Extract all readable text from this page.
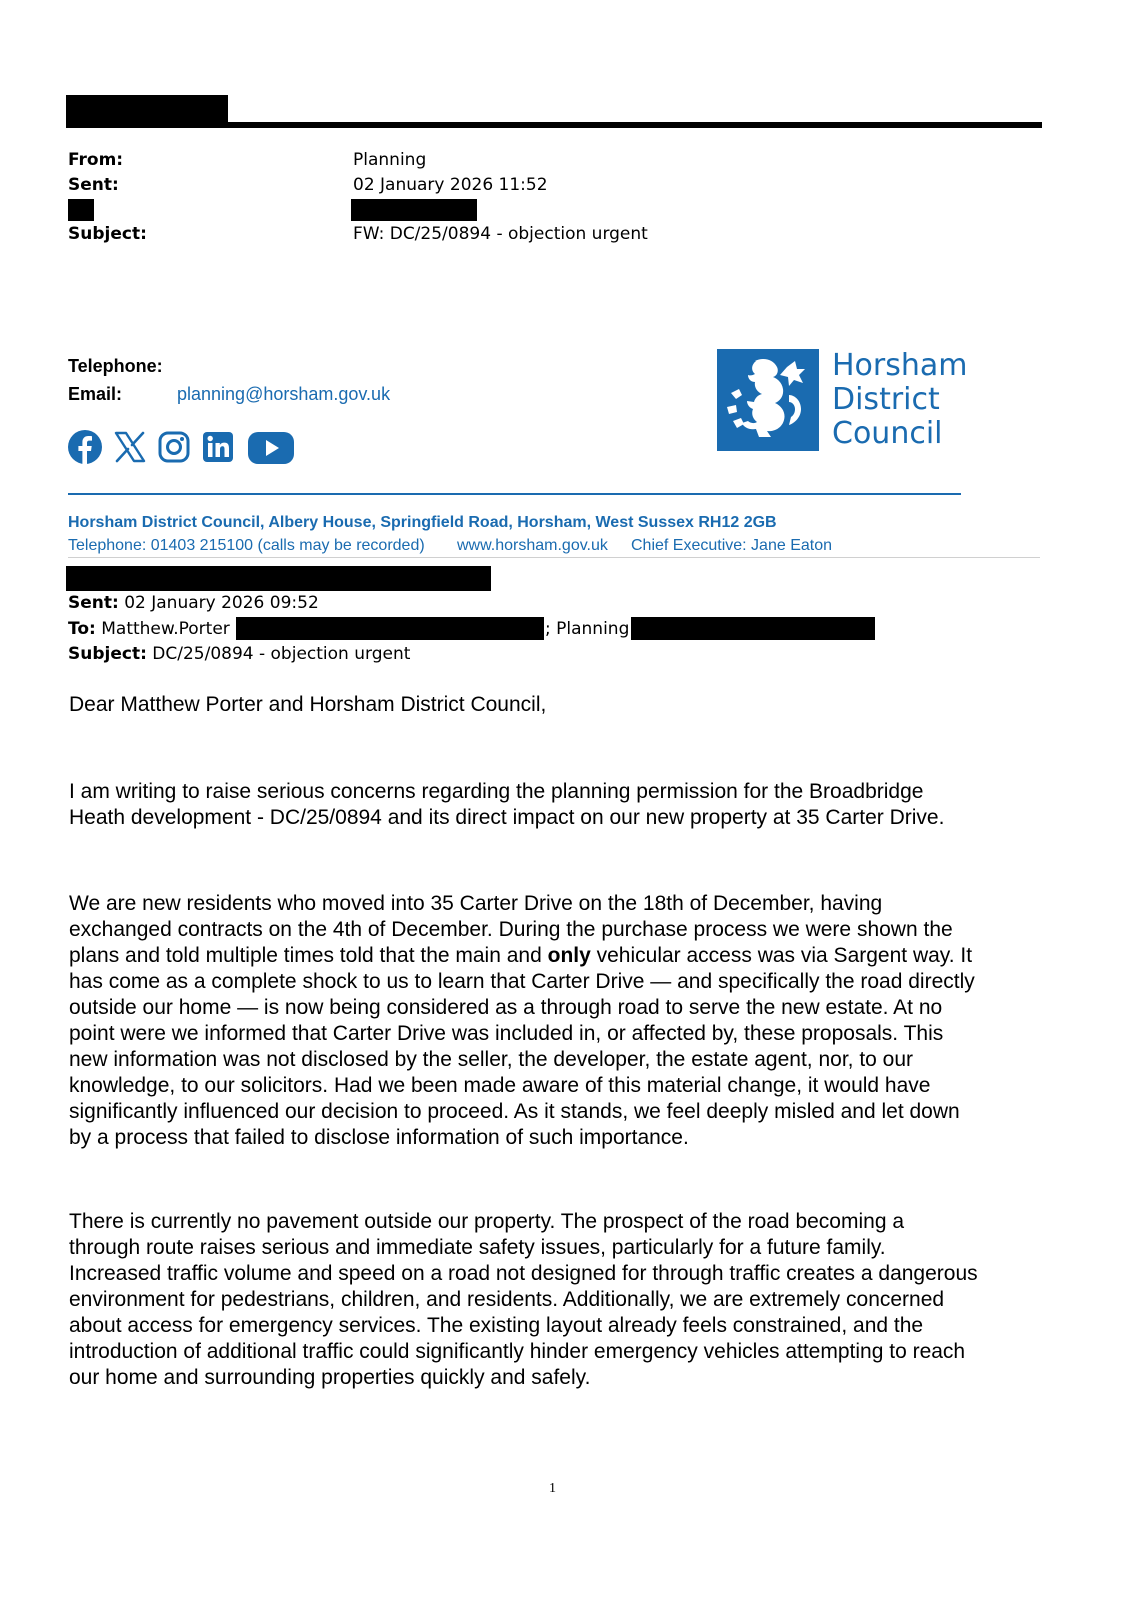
From:	Planning
Sent:	02 January 2026 11:52
Subject:	FW: DC/25/0894 - objection urgent
Telephone:
Email:	planning@horsham.gov.uk
Horsham
District
Council
Horsham District Council, Albery House, Springfield Road, Horsham, West Sussex RH12 2GB
Telephone: 01403 215100 (calls may be recorded) www.horsham.gov.uk Chief Executive: Jane Eaton
Sent: 02 January 2026 09:52
To: Matthew.Porter	; Planning
Subject: DC/25/0894 - objection urgent
Dear Matthew Porter and Horsham District Council,
I am writing to raise serious concerns regarding the planning permission for the Broadbridge
Heath development - DC/25/0894 and its direct impact on our new property at 35 Carter Drive.
We are new residents who moved into 35 Carter Drive on the 18th of December, having
exchanged contracts on the 4th of December. During the purchase process we were shown the
plans and told multiple times told that the main and only vehicular access was via Sargent way. It
has come as a complete shock to us to learn that Carter Drive — and specifically the road directly
outside our home — is now being considered as a through road to serve the new estate. At no
point were we informed that Carter Drive was included in, or affected by, these proposals. This
new information was not disclosed by the seller, the developer, the estate agent, nor, to our
knowledge, to our solicitors. Had we been made aware of this material change, it would have
significantly influenced our decision to proceed. As it stands, we feel deeply misled and let down
by a process that failed to disclose information of such importance.
There is currently no pavement outside our property. The prospect of the road becoming a
through route raises serious and immediate safety issues, particularly for a future family.
Increased traffic volume and speed on a road not designed for through traffic creates a dangerous
environment for pedestrians, children, and residents. Additionally, we are extremely concerned
about access for emergency services. The existing layout already feels constrained, and the
introduction of additional traffic could significantly hinder emergency vehicles attempting to reach
our home and surrounding properties quickly and safely.
1
